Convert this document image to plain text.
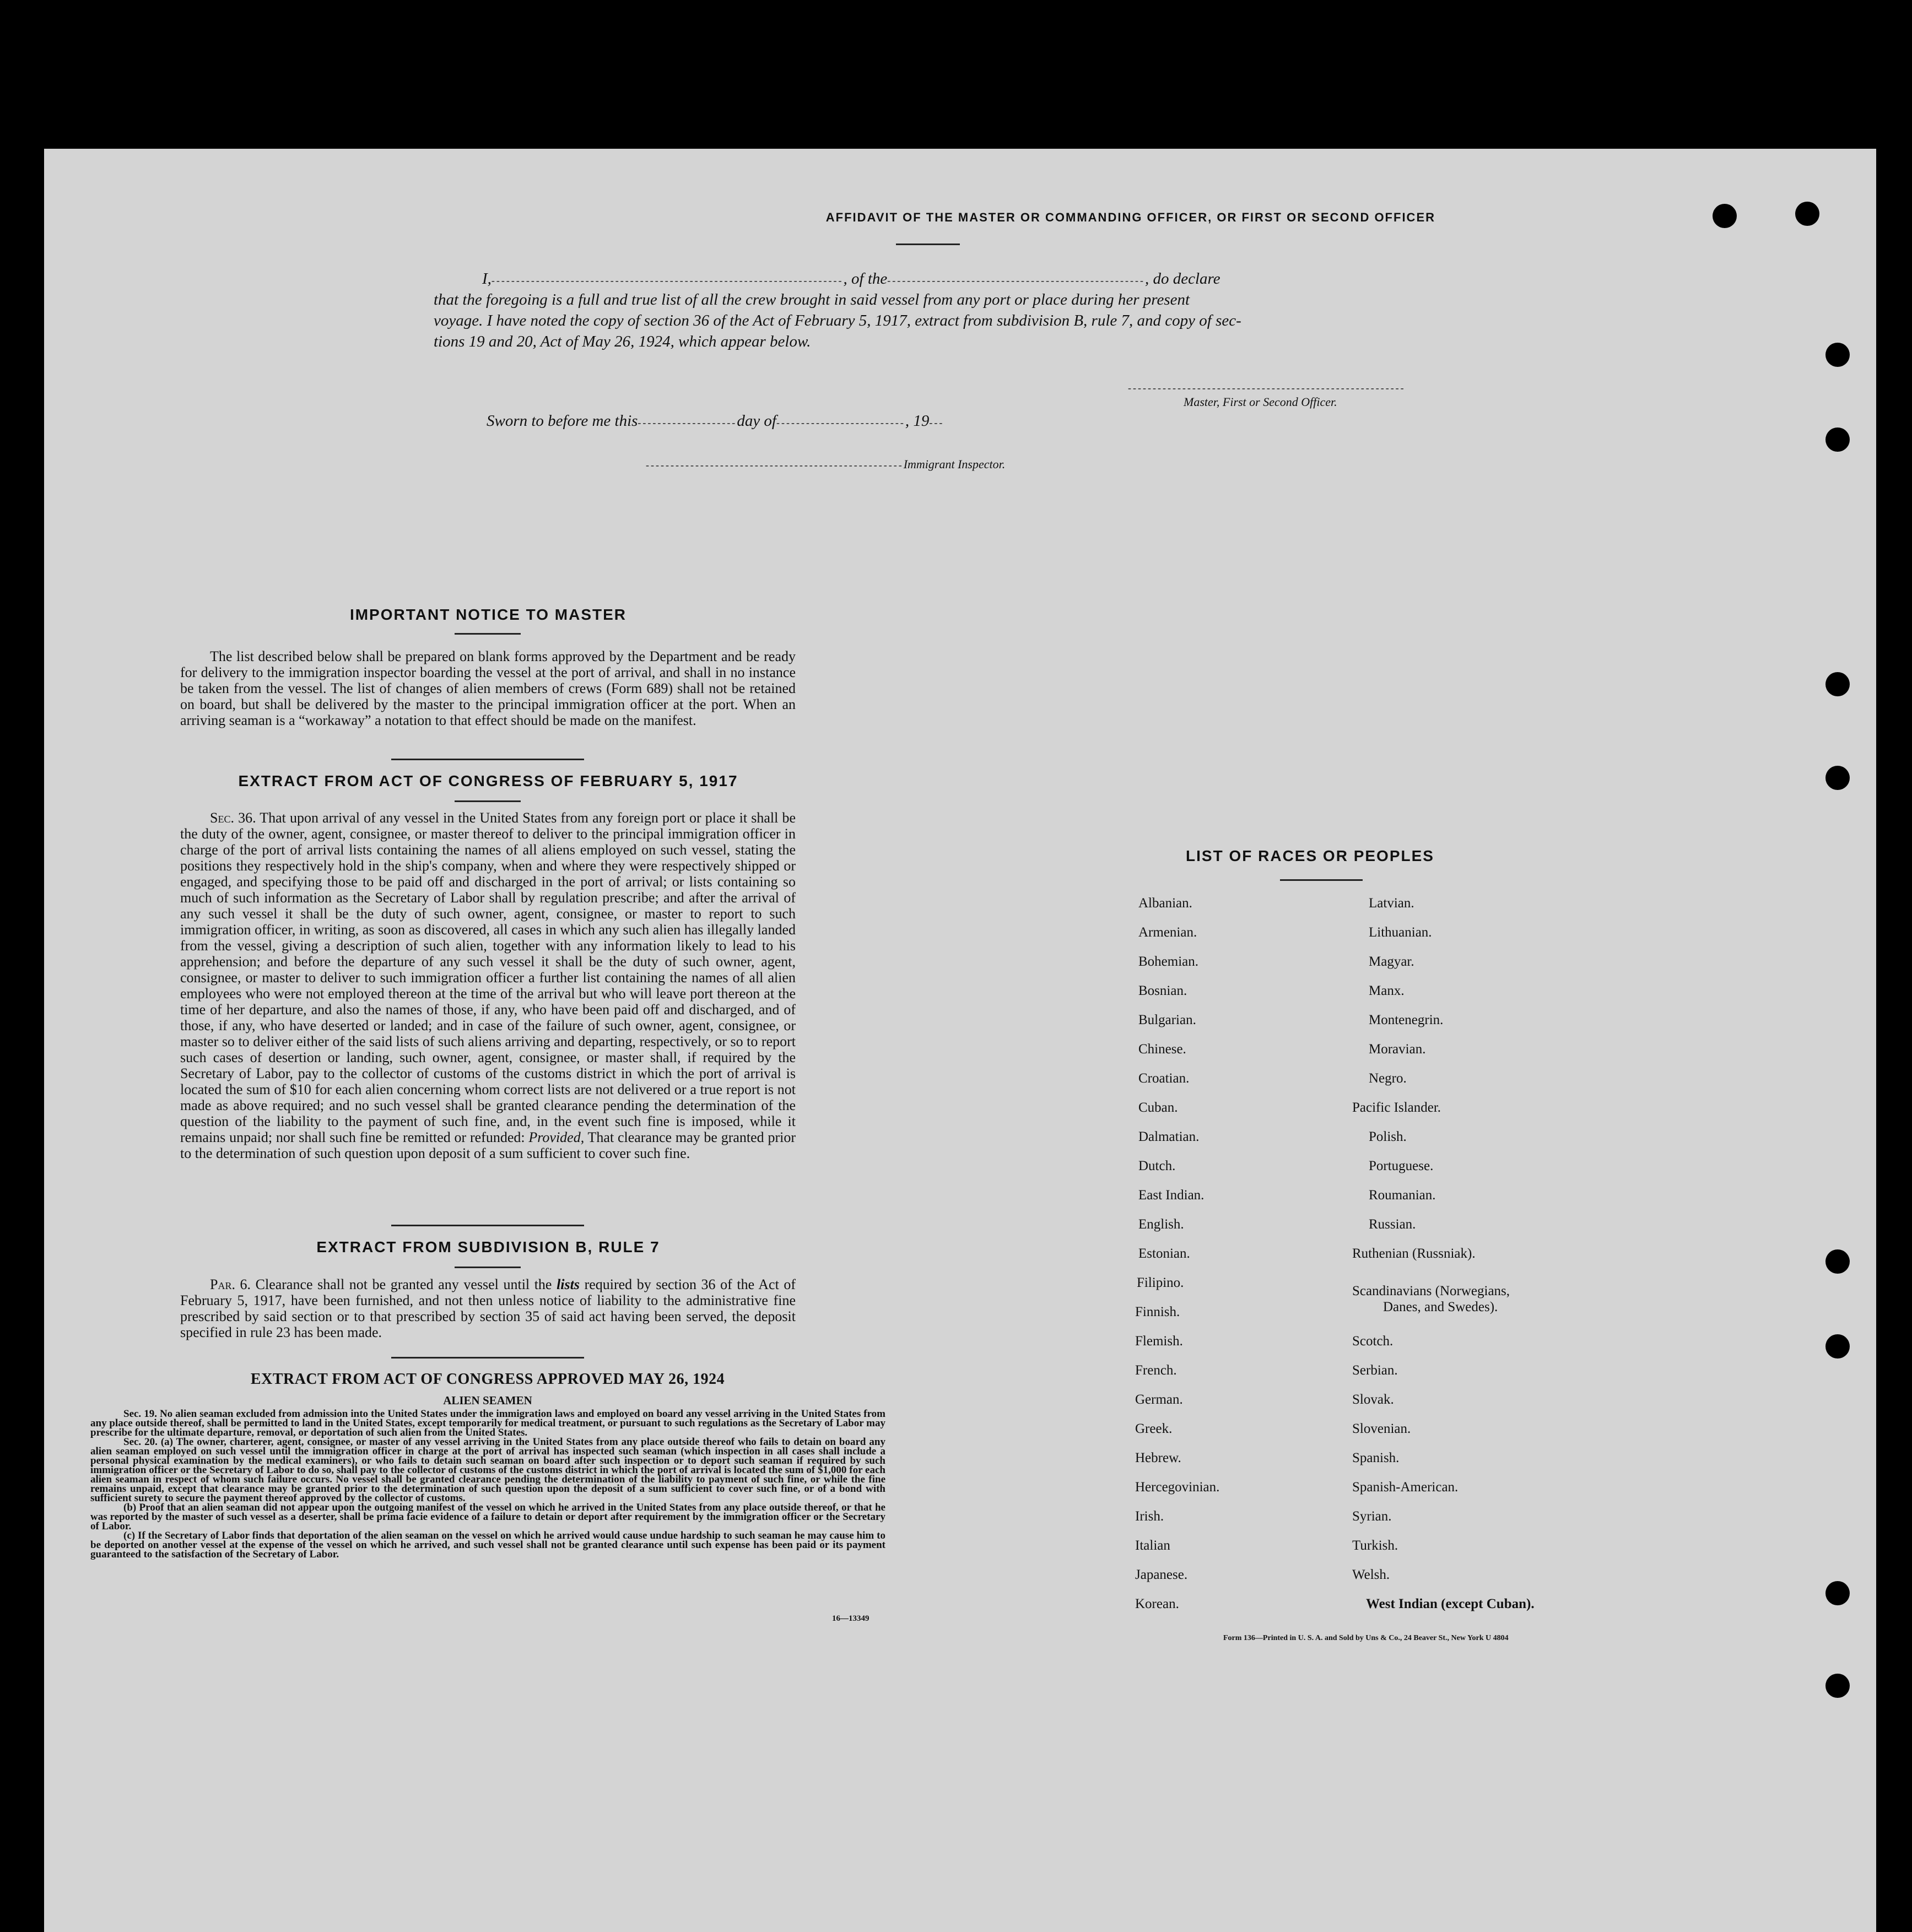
AFFIDAVIT OF THE MASTER OR COMMANDING OFFICER, OR FIRST OR SECOND OFFICER
I,-----------------------------------------------------------------------, of the----------------------------------------------------, do declare
that the foregoing is a full and true list of all the crew brought in said vessel from any port or place during her present
voyage. I have noted the copy of section 36 of the Act of February 5, 1917, extract from subdivision B, rule 7, and copy of sec-
tions 19 and 20, Act of May 26, 1924, which appear below.
--------------------------------------------------------
Master, First or Second Officer.
Sworn to before me this--------------------day of--------------------------, 19---
----------------------------------------------------Immigrant Inspector.
IMPORTANT NOTICE TO MASTER

The list described below shall be prepared on blank forms approved by the Department and be ready for delivery to the immigration inspector boarding the vessel at the port of arrival, and shall in no instance be taken from the vessel. The list of changes of alien members of crews (Form 689) shall not be retained on board, but shall be delivered by the master to the principal immigration officer at the port. When an arriving seaman is a “workaway” a notation to that effect should be made on the manifest.

EXTRACT FROM ACT OF CONGRESS OF FEBRUARY 5, 1917

Sec. 36. That upon arrival of any vessel in the United States from any foreign port or place it shall be the duty of the owner, agent, consignee, or master thereof to deliver to the principal immigration officer in charge of the port of arrival lists containing the names of all aliens employed on such vessel, stating the positions they respectively hold in the ship's company, when and where they were respectively shipped or engaged, and specifying those to be paid off and discharged in the port of arrival; or lists containing so much of such information as the Secretary of Labor shall by regulation prescribe; and after the arrival of any such vessel it shall be the duty of such owner, agent, consignee, or master to report to such immigration officer, in writing, as soon as discovered, all cases in which any such alien has illegally landed from the vessel, giving a description of such alien, together with any information likely to lead to his apprehension; and before the departure of any such vessel it shall be the duty of such owner, agent, consignee, or master to deliver to such immigration officer a further list containing the names of all alien employees who were not employed thereon at the time of the arrival but who will leave port thereon at the time of her departure, and also the names of those, if any, who have been paid off and discharged, and of those, if any, who have deserted or landed; and in case of the failure of such owner, agent, consignee, or master so to deliver either of the said lists of such aliens arriving and departing, respectively, or so to report such cases of desertion or landing, such owner, agent, consignee, or master shall, if required by the Secretary of Labor, pay to the collector of customs of the customs district in which the port of arrival is located the sum of $10 for each alien concerning whom correct lists are not delivered or a true report is not made as above required; and no such vessel shall be granted clearance pending the determination of the question of the liability to the payment of such fine, and, in the event such fine is imposed, while it remains unpaid; nor shall such fine be remitted or refunded: Provided, That clearance may be granted prior to the determination of such question upon deposit of a sum sufficient to cover such fine.

EXTRACT FROM SUBDIVISION B, RULE 7

Par. 6. Clearance shall not be granted any vessel until the lists required by section 36 of the Act of February 5, 1917, have been furnished, and not then unless notice of liability to the administrative fine prescribed by said section or to that prescribed by section 35 of said act having been served, the deposit specified in rule 23 has been made.

EXTRACT FROM ACT OF CONGRESS APPROVED MAY 26, 1924
ALIEN SEAMEN

Sec. 19. No alien seaman excluded from admission into the United States under the immigration laws and employed on board any vessel arriving in the United States from any place outside thereof, shall be permitted to land in the United States, except temporarily for medical treatment, or pursuant to such regulations as the Secretary of Labor may prescribe for the ultimate departure, removal, or deportation of such alien from the United States.

Sec. 20. (a) The owner, charterer, agent, consignee, or master of any vessel arriving in the United States from any place outside thereof who fails to detain on board any alien seaman employed on such vessel until the immigration officer in charge at the port of arrival has inspected such seaman (which inspection in all cases shall include a personal physical examination by the medical examiners), or who fails to detain such seaman on board after such inspection or to deport such seaman if required by such immigration officer or the Secretary of Labor to do so, shall pay to the collector of customs of the customs district in which the port of arrival is located the sum of $1,000 for each alien seaman in respect of whom such failure occurs. No vessel shall be granted clearance pending the determination of the liability to payment of such fine, or while the fine remains unpaid, except that clearance may be granted prior to the determination of such question upon the deposit of a sum sufficient to cover such fine, or of a bond with sufficient surety to secure the payment thereof approved by the collector of customs.

(b) Proof that an alien seaman did not appear upon the outgoing manifest of the vessel on which he arrived in the United States from any place outside thereof, or that he was reported by the master of such vessel as a deserter, shall be prima facie evidence of a failure to detain or deport after requirement by the immigration officer or the Secretary of Labor.

(c) If the Secretary of Labor finds that deportation of the alien seaman on the vessel on which he arrived would cause undue hardship to such seaman he may cause him to be deported on another vessel at the expense of the vessel on which he arrived, and such vessel shall not be granted clearance until such expense has been paid or its payment guaranteed to the satisfaction of the Secretary of Labor.

16—13349
LIST OF RACES OR PEOPLES
Albanian.
Armenian.
Bohemian.
Bosnian.
Bulgarian.
Chinese.
Croatian.
Cuban.
Dalmatian.
Dutch.
East Indian.
English.
Estonian.
Filipino.
Finnish.
Flemish.
French.
German.
Greek.
Hebrew.
Hercegovinian.
Irish.
Italian
Japanese.
Korean.
Latvian.
Lithuanian.
Magyar.
Manx.
Montenegrin.
Moravian.
Negro.
Pacific Islander.
Polish.
Portuguese.
Roumanian.
Russian.
Ruthenian (Russniak).
Scandinavians (Norwegians,
Danes, and Swedes).
Scotch.
Serbian.
Slovak.
Slovenian.
Spanish.
Spanish-American.
Syrian.
Turkish.
Welsh.
West Indian (except Cuban).
Form 136—Printed in U. S. A. and Sold by Uns & Co., 24 Beaver St., New York U 4804
